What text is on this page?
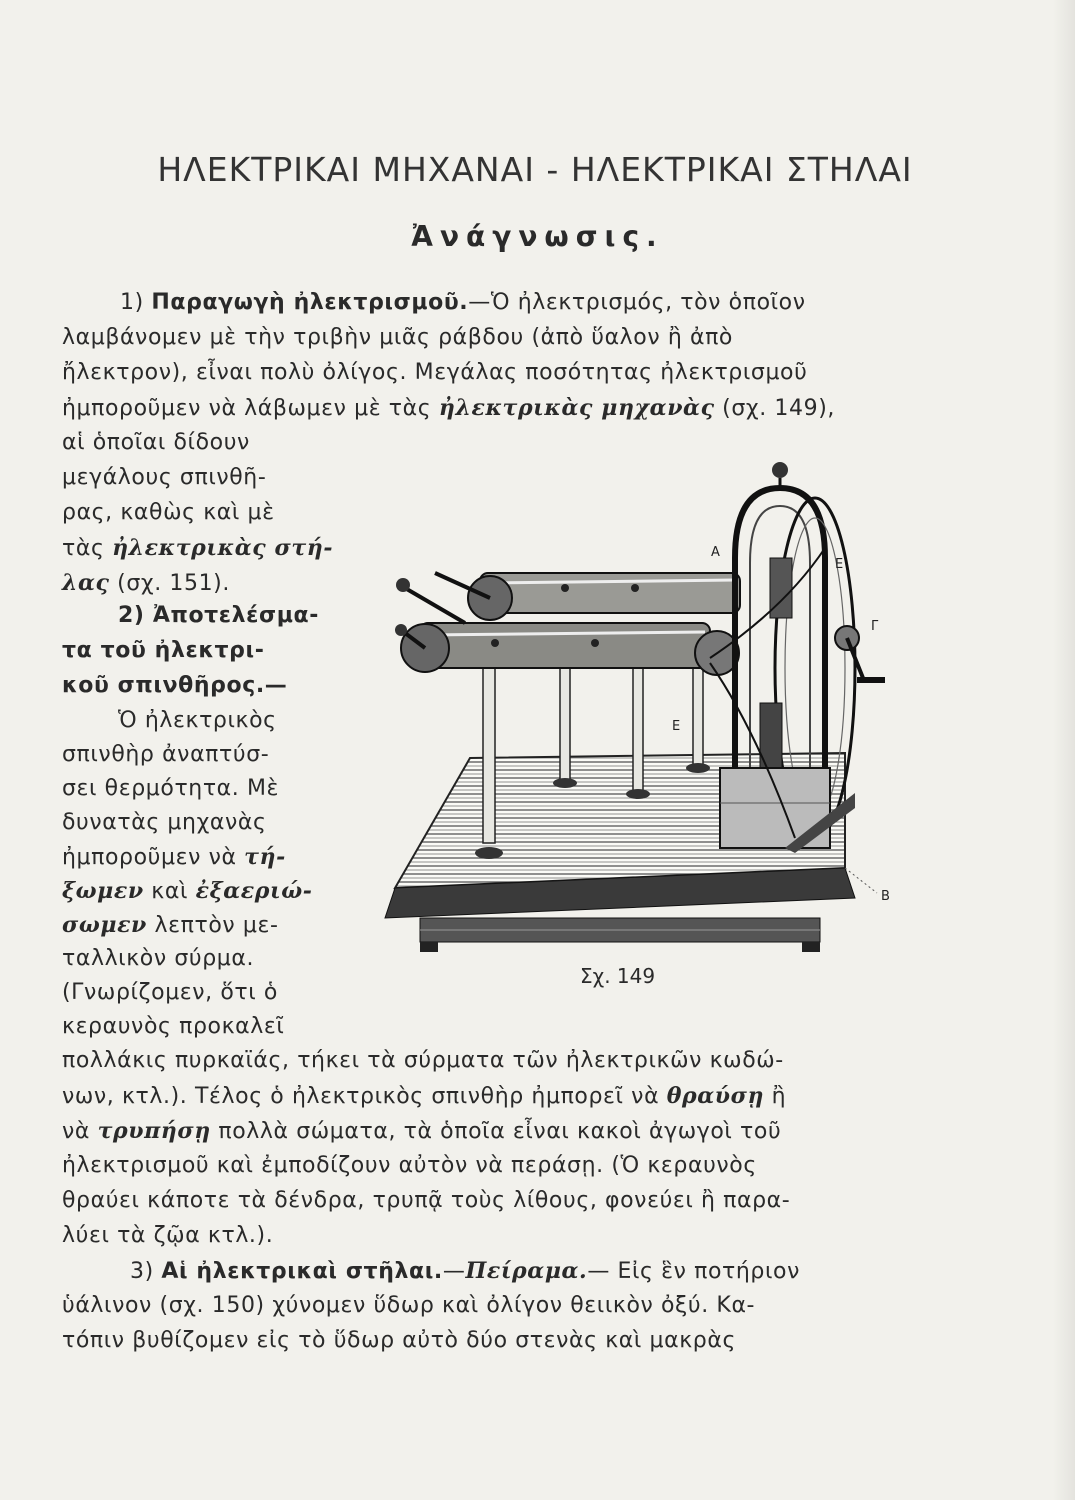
ΗΛΕΚΤΡΙΚΑΙ ΜΗΧΑΝΑΙ - ΗΛΕΚΤΡΙΚΑΙ ΣΤΗΛΑΙ
Ἀνάγνωσις.
1) Παραγωγὴ ἠλεκτρισμοῦ.—Ὁ ἠλεκτρισμός, τὸν ὁποῖον
λαμβάνομεν μὲ τὴν τριβὴν μιᾶς ράβδου (ἀπὸ ὕαλον ἢ ἀπὸ
ἤλεκτρον), εἶναι πολὺ ὀλίγος. Μεγάλας ποσότητας ἠλεκτρισμοῦ
ἠμποροῦμεν νὰ λάβωμεν μὲ τὰς ἠλεκτρικὰς μηχανὰς (σχ. 149),
αἱ ὁποῖαι δίδουν
μεγάλους σπινθῆ-
ρας, καθὼς καὶ μὲ
τὰς ἠλεκτρικὰς στή-
λας (σχ. 151).
2) Ἀποτελέσμα-
τα τοῦ ἠλεκτρι-
κοῦ σπινθῆρος.—
Ὁ ἠλεκτρικὸς
σπινθὴρ ἀναπτύσ-
σει θερμότητα. Μὲ
δυνατὰς μηχανὰς
ἠμποροῦμεν νὰ τή-
ξωμεν καὶ ἐξαεριώ-
σωμεν λεπτὸν με-
ταλλικὸν σύρμα.
(Γνωρίζομεν, ὅτι ὁ
κεραυνὸς προκαλεῖ
πολλάκις πυρκαϊάς, τήκει τὰ σύρματα τῶν ἠλεκτρικῶν κωδώ-
νων, κτλ.). Τέλος ὁ ἠλεκτρικὸς σπινθὴρ ἠμπορεῖ νὰ θραύσῃ ἢ
νὰ τρυπήσῃ πολλὰ σώματα, τὰ ὁποῖα εἶναι κακοὶ ἀγωγοὶ τοῦ
ἠλεκτρισμοῦ καὶ ἐμποδίζουν αὐτὸν νὰ περάσῃ. (Ὁ κεραυνὸς
θραύει κάποτε τὰ δένδρα, τρυπᾷ τοὺς λίθους, φονεύει ἢ παρα-
λύει τὰ ζῷα κτλ.).
3) Αἱ ἠλεκτρικαὶ στῆλαι.—Πείραμα.— Εἰς ἓν ποτήριον
ὑάλινον (σχ. 150) χύνομεν ὕδωρ καὶ ὀλίγον θειικὸν ὀξύ. Κα-
τόπιν βυθίζομεν εἰς τὸ ὕδωρ αὐτὸ δύο στενὰς καὶ μακρὰς
A
E
Γ
E
B
Σχ. 149
